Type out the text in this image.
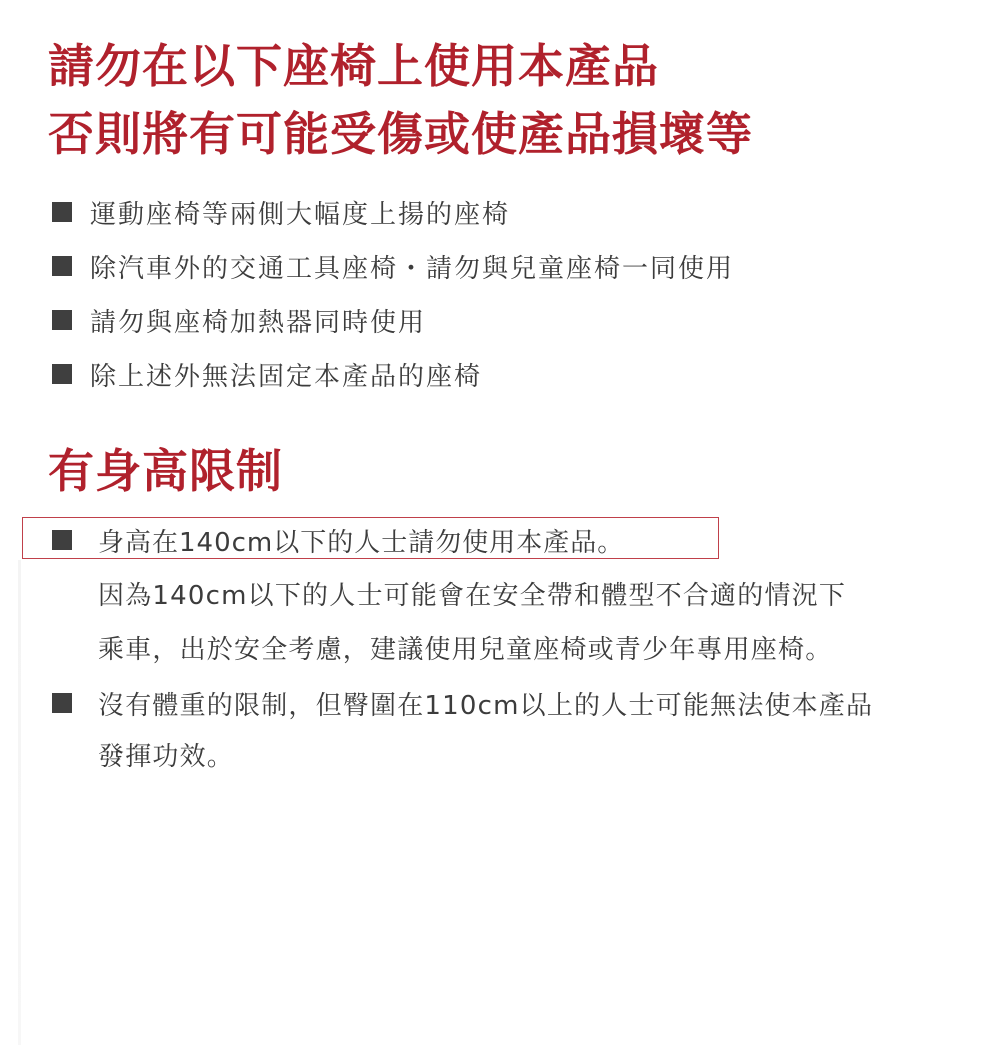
請勿在以下座椅上使用本產品
否則將有可能受傷或使產品損壞等
運動座椅等兩側大幅度上揚的座椅
除汽車外的交通工具座椅・請勿與兒童座椅一同使用
請勿與座椅加熱器同時使用
除上述外無法固定本產品的座椅
有身高限制
身高在140cm以下的人士請勿使用本產品。
因為140cm以下的人士可能會在安全帶和體型不合適的情況下
乘車，出於安全考慮，建議使用兒童座椅或青少年專用座椅。
沒有體重的限制，但臀圍在110cm以上的人士可能無法使本產品
發揮功效。
